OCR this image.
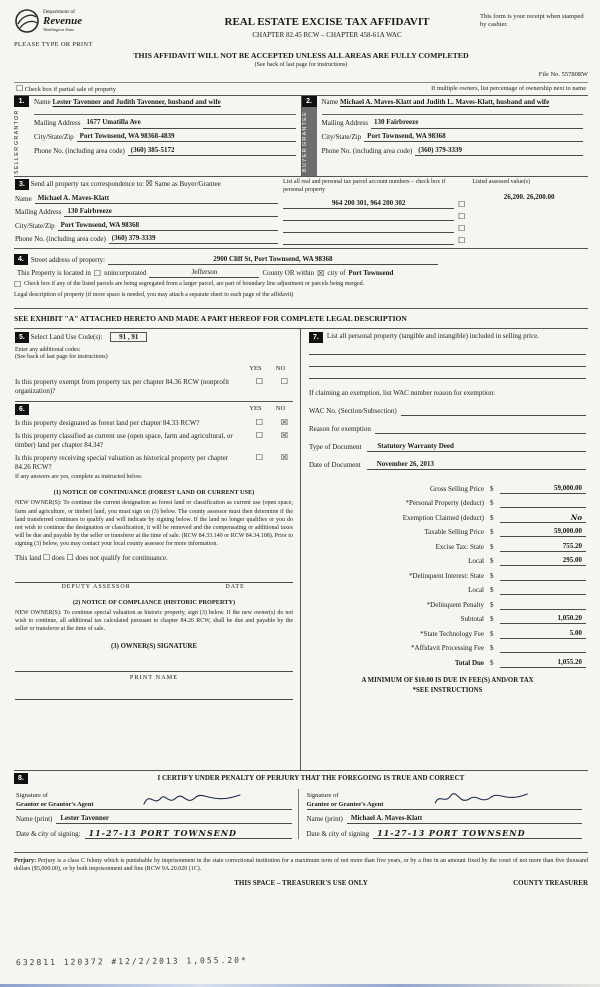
Department of
Revenue
Washington State
PLEASE TYPE OR PRINT
REAL ESTATE EXCISE TAX AFFIDAVIT
CHAPTER 82.45 RCW – CHAPTER 458-61A WAC
This form is your receipt when stamped by cashier.
THIS AFFIDAVIT WILL NOT BE ACCEPTED UNLESS ALL AREAS ARE FULLY COMPLETED
(See back of last page for instructions)
File No. 55780RW
☐ Check box if partial sale of property	If multiple owners, list percentage of ownership next to name
1.
SELLER
GRANTOR
Name Lester Tavenner and Judith Tavenner, husband and wife
Mailing Address 1677 Umatilla Ave
City/State/Zip Port Townsend, WA 98368-4839
Phone No. (including area code) (360) 385-5172
2.
BUYER
GRANTEE
Name Michael A. Maves-Klatt and Judith L. Maves-Klatt, husband and wife
Mailing Address 130 Fairbreeze
City/State/Zip Port Townsend, WA 98368
Phone No. (including area code) (360) 379-3339
3. Send all property tax correspondence to: ☒ Same as Buyer/Grantee
Name Michael A. Maves-Klatt
Mailing Address 130 Fairbreeze
City/State/Zip Port Townsend, WA 98368
Phone No. (including area code) (360) 379-3339
List all real and personal tax parcel account numbers – check box if personal property
964 200 301, 964 200 302	☐
☐
☐
☐
Listed assessed value(s)
26,200. 26,200.00
4.	Street address of property:	2900 Cliff St, Port Townsend, WA 98368
This Property is located in ☐ unincorporated	Jefferson	County OR within ☒ city of Port Townsend
☐ Check box if any of the listed parcels are being segregated from a larger parcel, are part of boundary line adjustment or parcels being merged.
Legal description of property (if more space is needed, you may attach a separate sheet to each page of the affidavit)
SEE EXHIBIT "A" ATTACHED HERETO AND MADE A PART HEREOF FOR COMPLETE LEGAL DESCRIPTION
5. Select Land Use Code(s): 91 , 91
Enter any additional codes:
(See back of last page for instructions)
YES	NO
Is this property exempt from property tax per chapter 84.36 RCW (nonprofit organization)?
☐	☐
6.	YES	NO
Is this property designated as forest land per chapter 84.33 RCW?	☐	☒
Is this property classified as current use (open space, farm and agricultural, or timber) land per chapter 84.34?
☐	☒
Is this property receiving special valuation as historical property per chapter 84.26 RCW?
☐	☒
If any answers are yes, complete as instructed below.
(1) NOTICE OF CONTINUANCE (FOREST LAND OR CURRENT USE)
NEW OWNER(S): To continue the current designation as forest land or classification as current use (open space, farm and agriculture, or timber) land, you must sign on (3) below. The county assessor must then determine if the land transferred continues to qualify and will indicate by signing below. If the land no longer qualifies or you do not wish to continue the designation or classification, it will be removed and the compensating or additional taxes will be due and payable by the seller or transferor at the time of sale. (RCW 84.33.140 or RCW 84.34.108). Prior to signing (3) below, you may contact your local county assessor for more information.
This land ☐ does ☐ does not qualify for continuance.
DEPUTY ASSESSOR	DATE
(2) NOTICE OF COMPLIANCE (HISTORIC PROPERTY)
NEW OWNER(S): To continue special valuation as historic property, sign (3) below. If the new owner(s) do not wish to continue, all additional tax calculated pursuant to chapter 84.26 RCW, shall be due and payable by the seller or transferor at the time of sale.
(3) OWNER(S) SIGNATURE
PRINT NAME
7.	List all personal property (tangible and intangible) included in selling price.
If claiming an exemption, list WAC number reason for exemption:
WAC No. (Section/Subsection)
Reason for exemption
Type of Document	Statutory Warranty Deed
Date of Document	November 26, 2013
Gross Selling Price $	59,000.00
*Personal Property (deduct) $
Exemption Claimed (deduct) $	No
Taxable Selling Price $	59,000.00
Excise Tax: State $	755.20
Local $	295.00
*Delinquent Interest: State $
Local $
*Delinquent Penalty $
Subtotal $	1,050.20
*State Technology Fee $	5.00
*Affidavit Processing Fee $
Total Due $	1,055.20
A MINIMUM OF $10.00 IS DUE IN FEE(S) AND/OR TAX
*SEE INSTRUCTIONS
8.	I CERTIFY UNDER PENALTY OF PERJURY THAT THE FOREGOING IS TRUE AND CORRECT
Signature of
Grantor or Grantor's Agent
Name (print)	Lester Tavenner
Date & city of signing:	11-27-13 PORT TOWNSEND
Signature of
Grantee or Grantee's Agent
Name (print)	Michael A. Maves-Klatt
Date & city of signing	11-27-13 PORT TOWNSEND
Perjury: Perjury is a class C felony which is punishable by imprisonment in the state correctional institution for a maximum term of not more than five years, or by a fine in an amount fixed by the court of not more than five thousand dollars ($5,000.00), or by both imprisonment and fine (RCW 9A.20.020 (1C).
THIS SPACE – TREASURER'S USE ONLY	COUNTY TREASURER
632811 120372 #12/2/2013 1,055.20*
